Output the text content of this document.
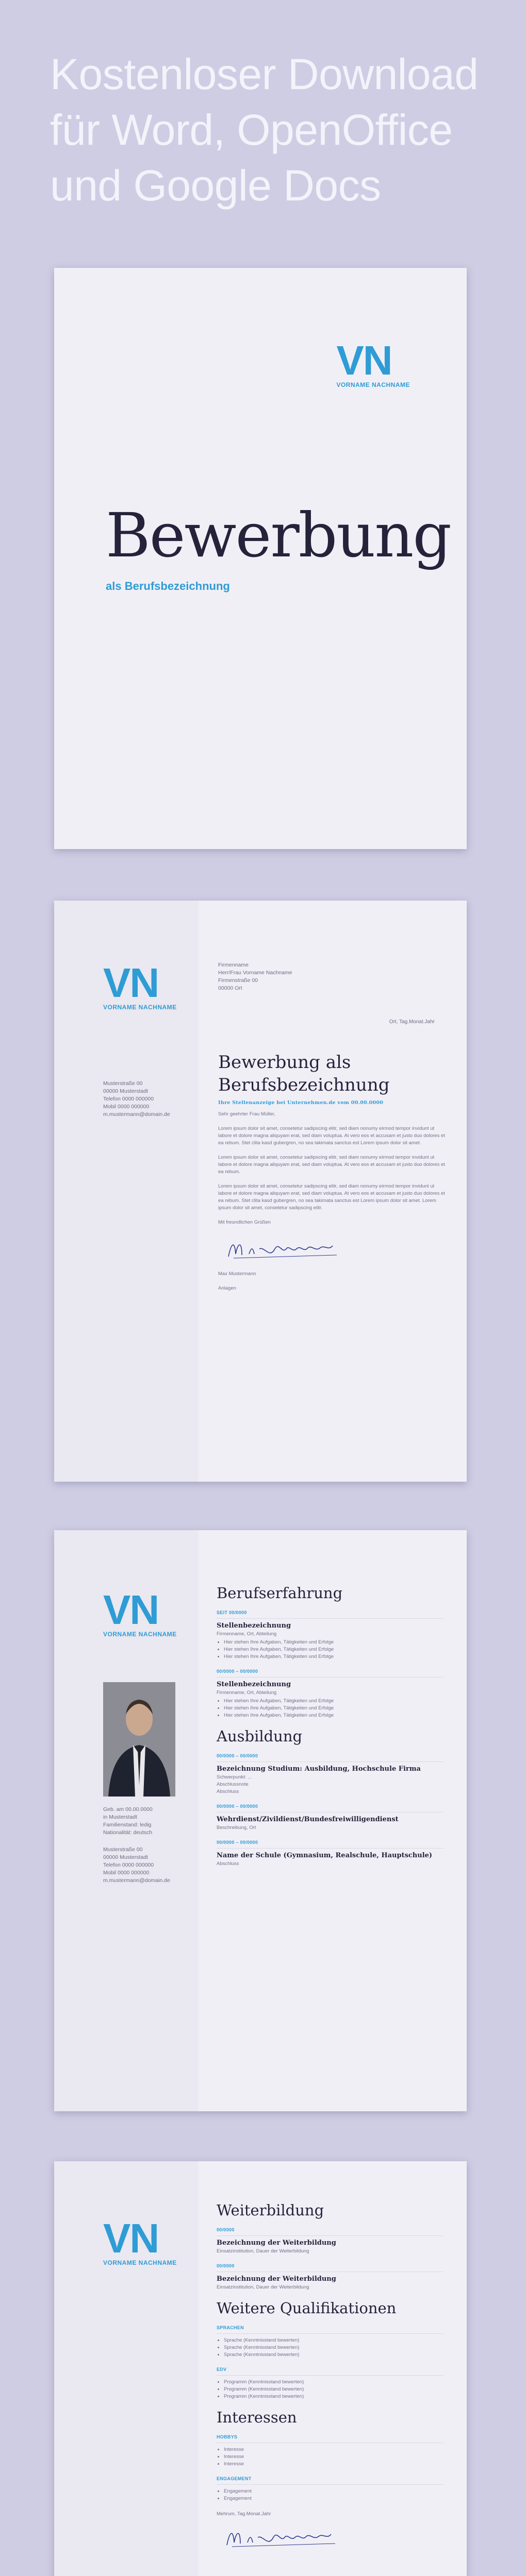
Kostenloser Download
für Word, OpenOffice
und Google Docs
VN
VORNAME NACHNAME
Bewerbung
als Berufsbezeichnung
VN
VORNAME NACHNAME
Musterstraße 00
00000 Musterstadt
Telefon 0000 000000
Mobil 0000 000000
m.mustermann@domain.de
Firmenname
Herr/Frau Vorname Nachname
Firmenstraße 00
00000 Ort
Ort, Tag.Monat.Jahr
Bewerbung als
Berufsbezeichnung
Ihre Stellenanzeige bei Unternehmen.de vom 00.00.0000

Sehr geehrter Frau Müller,

Lorem ipsum dolor sit amet, consetetur sadipscing elitr, sed diam nonumy eirmod tempor invidunt ut labore et dolore magna aliquyam erat, sed diam voluptua. At vero eos et accusam et justo duo dolores et ea rebum. Stet clita kasd gubergren, no sea takimata sanctus est Lorem ipsum dolor sit amet.

Lorem ipsum dolor sit amet, consetetur sadipscing elitr, sed diam nonumy eirmod tempor invidunt ut labore et dolore magna aliquyam erat, sed diam voluptua. At vero eos et accusam et justo duo dolores et ea rebum.

Lorem ipsum dolor sit amet, consetetur sadipscing elitr, sed diam nonumy eirmod tempor invidunt ut labore et dolore magna aliquyam erat, sed diam voluptua. At vero eos et accusam et justo duo dolores et ea rebum. Stet clita kasd gubergren, no sea takimata sanctus est Lorem ipsum dolor sit amet. Lorem ipsum dolor sit amet, consetetur sadipscing elitr.

Mit freundlichen Grüßen

Max Mustermann

Anlagen

VN
VORNAME NACHNAME
Geb. am 00.00.0000
in Musterstadt
Familienstand: ledig
Nationalität: deutsch
Musterstraße 00
00000 Musterstadt
Telefon 0000 000000
Mobil 0000 000000
m.mustermann@domain.de
Berufserfahrung
SEIT 00/0000
Stellenbezeichnung
Firmenname, Ort, Abteilung
• Hier stehen Ihre Aufgaben, Tätigkeiten und Erfolge
• Hier stehen Ihre Aufgaben, Tätigkeiten und Erfolge
• Hier stehen Ihre Aufgaben, Tätigkeiten und Erfolge
00/0000 – 00/0000
Stellenbezeichnung
Firmenname, Ort, Abteilung
• Hier stehen Ihre Aufgaben, Tätigkeiten und Erfolge
• Hier stehen Ihre Aufgaben, Tätigkeiten und Erfolge
• Hier stehen Ihre Aufgaben, Tätigkeiten und Erfolge
Ausbildung
00/0000 – 00/0000
Bezeichnung Studium: Ausbildung, Hochschule Firma
Schwerpunkt: ...
Abschlussnote
Abschluss
00/0000 – 00/0000
Wehrdienst/Zivildienst/Bundesfreiwilligendienst
Beschreibung, Ort
00/0000 – 00/0000
Name der Schule (Gymnasium, Realschule, Hauptschule)
Abschluss
VN
VORNAME NACHNAME
Weiterbildung
00/0000
Bezeichnung der Weiterbildung
Einsatzinstitution, Dauer der Weiterbildung
00/0000
Bezeichnung der Weiterbildung
Einsatzinstitution, Dauer der Weiterbildung
Weitere Qualifikationen
SPRACHEN
• Sprache (Kenntnisstand bewerten)
• Sprache (Kenntnisstand bewerten)
• Sprache (Kenntnisstand bewerten)
EDV
• Programm (Kenntnisstand bewerten)
• Programm (Kenntnisstand bewerten)
• Programm (Kenntnisstand bewerten)
Interessen
HOBBYS
• Interesse
• Interesse
• Interesse
ENGAGEMENT
• Engagement
• Engagement
Mehrum, Tag.Monat.Jahr
